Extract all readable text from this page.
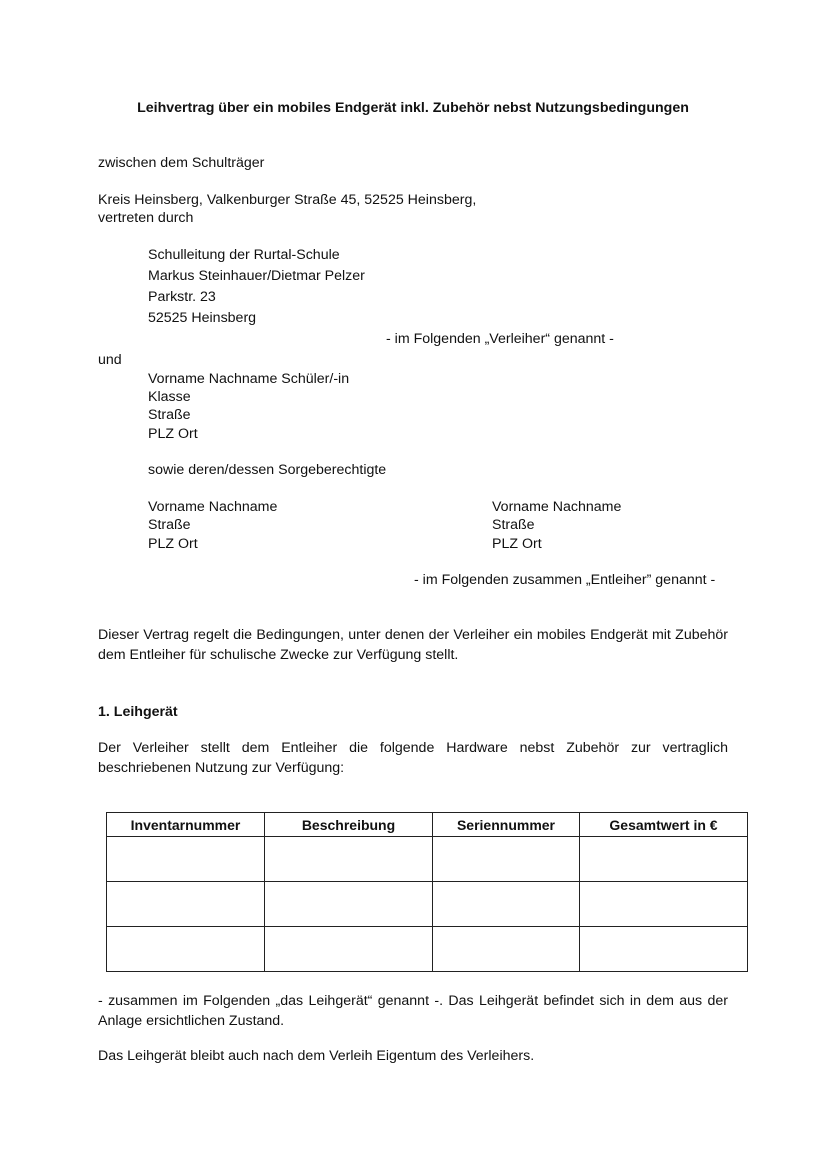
Leihvertrag über ein mobiles Endgerät inkl. Zubehör nebst Nutzungsbedingungen
zwischen dem Schulträger
Kreis Heinsberg, Valkenburger Straße 45, 52525 Heinsberg,
vertreten durch
Schulleitung der Rurtal-Schule
Markus Steinhauer/Dietmar Pelzer
Parkstr. 23
52525 Heinsberg
- im Folgenden „Verleiher“ genannt -
und
Vorname Nachname Schüler/-in
Klasse
Straße
PLZ Ort
sowie deren/dessen Sorgeberechtigte
Vorname Nachname
Straße
PLZ Ort
Vorname Nachname
Straße
PLZ Ort
- im Folgenden zusammen „Entleiher” genannt -
Dieser Vertrag regelt die Bedingungen, unter denen der Verleiher ein mobiles Endgerät mit Zubehör dem Entleiher für schulische Zwecke zur Verfügung stellt.
1. Leihgerät
Der Verleiher stellt dem Entleiher die folgende Hardware nebst Zubehör zur vertraglich beschriebenen Nutzung zur Verfügung:
Inventarnummer	Beschreibung	Seriennummer	Gesamtwert in €

- zusammen im Folgenden „das Leihgerät“ genannt -. Das Leihgerät befindet sich in dem aus der Anlage ersichtlichen Zustand.
Das Leihgerät bleibt auch nach dem Verleih Eigentum des Verleihers.
